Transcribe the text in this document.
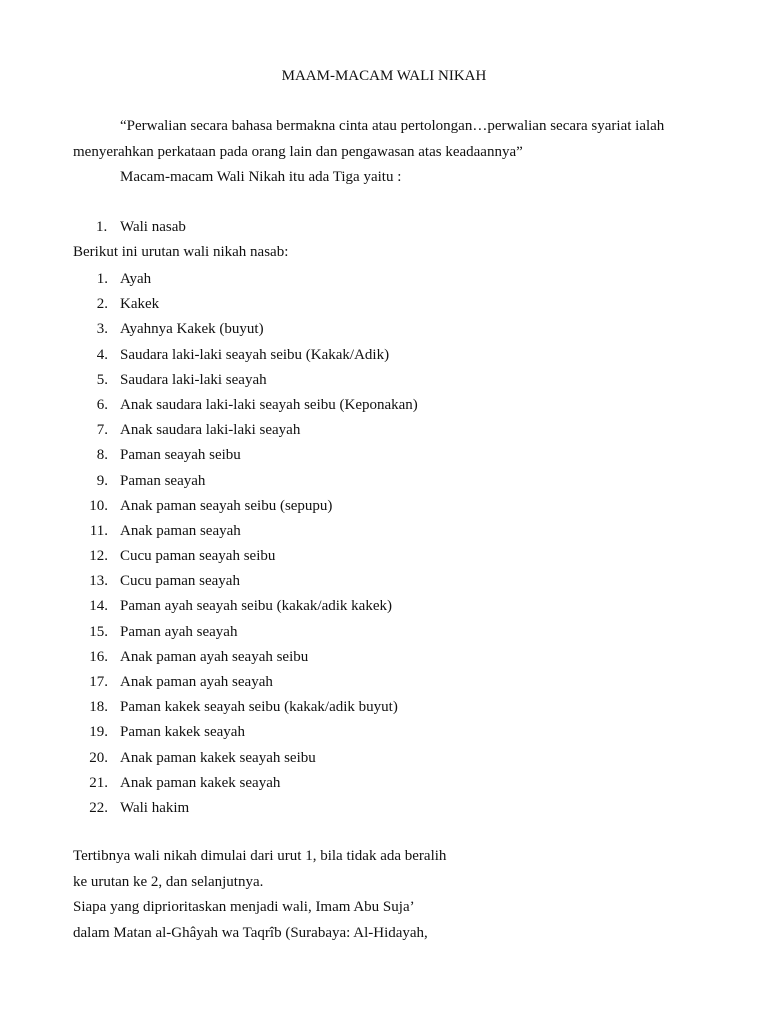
MAAM-MACAM WALI NIKAH
“Perwalian secara bahasa bermakna cinta atau pertolongan…perwalian secara syariat ialah
menyerahkan perkataan pada orang lain dan pengawasan atas keadaannya”
Macam-macam Wali Nikah itu ada Tiga yaitu :
1. Wali nasab
Berikut ini urutan wali nikah nasab:
1. Ayah
2. Kakek
3. Ayahnya Kakek (buyut)
4. Saudara laki-laki seayah seibu (Kakak/Adik)
5. Saudara laki-laki seayah
6. Anak saudara laki-laki seayah seibu (Keponakan)
7. Anak saudara laki-laki seayah
8. Paman seayah seibu
9. Paman seayah
10. Anak paman seayah seibu (sepupu)
11. Anak paman seayah
12. Cucu paman seayah seibu
13. Cucu paman seayah
14. Paman ayah seayah seibu (kakak/adik kakek)
15. Paman ayah seayah
16. Anak paman ayah seayah seibu
17. Anak paman ayah seayah
18. Paman kakek seayah seibu (kakak/adik buyut)
19. Paman kakek seayah
20. Anak paman kakek seayah seibu
21. Anak paman kakek seayah
22. Wali hakim
Tertibnya wali nikah dimulai dari urut 1, bila tidak ada beralih
ke urutan ke 2, dan selanjutnya.
Siapa yang diprioritaskan menjadi wali, Imam Abu Suja’
dalam Matan al-Ghâyah wa Taqrîb (Surabaya: Al-Hidayah,
